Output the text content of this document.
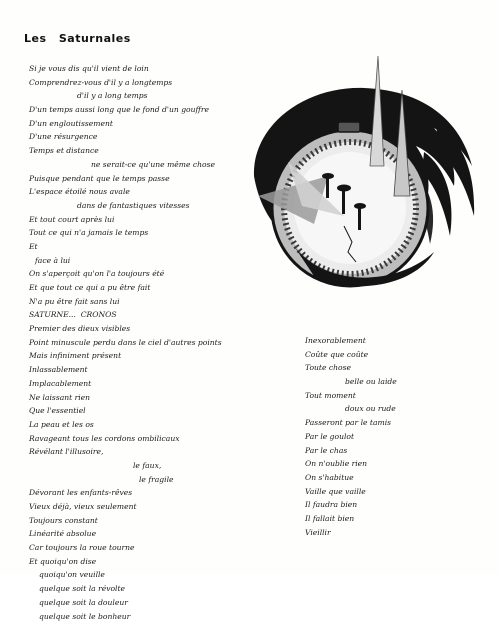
Les Saturnales
Si je vous dis qu'il vient de loin
Comprendrez-vous d'il y a longtemps
d'il y a long temps
D'un temps aussi long que le fond d'un gouffre
D'un engloutissement
D'une résurgence
Temps et distance
ne serait-ce qu'une même chose
Puisque pendant que le temps passe
L'espace étoilé nous avale
dans de fantastiques vitesses
Et tout court après lui
Tout ce qui n'a jamais le temps
Et
face à lui
On s'aperçoit qu'on l'a toujours été
Et que tout ce qui a pu être fait
N'a pu être fait sans lui
SATURNE...  CRONOS
Premier des dieux visibles
Point minuscule perdu dans le ciel d'autres points
Mais infiniment présent
Inlassablement
Implacablement
Ne laissant rien
Que l'essentiel
La peau et les os
Ravageant tous les cordons ombilicaux
Révélant l'illusoire,
le faux,
le fragile
Dévorant les enfants-rêves
Vieux déjà, vieux seulement
Toujours constant
Linéarité absolue
Car toujours la roue tourne
Et quoiqu'on dise
quoiqu'on veuille
quelque soit la révolte
quelque soit la douleur
quelque soit le bonheur
Inexorablement
Coûte que coûte
Toute chose
belle ou laide
Tout moment
doux ou rude
Passeront par le tamis
Par le goulot
Par le chas
On n'oublie rien
On s'habitue
Vaille que vaille
Il faudra bien
Il fallait bien
Vieillir
